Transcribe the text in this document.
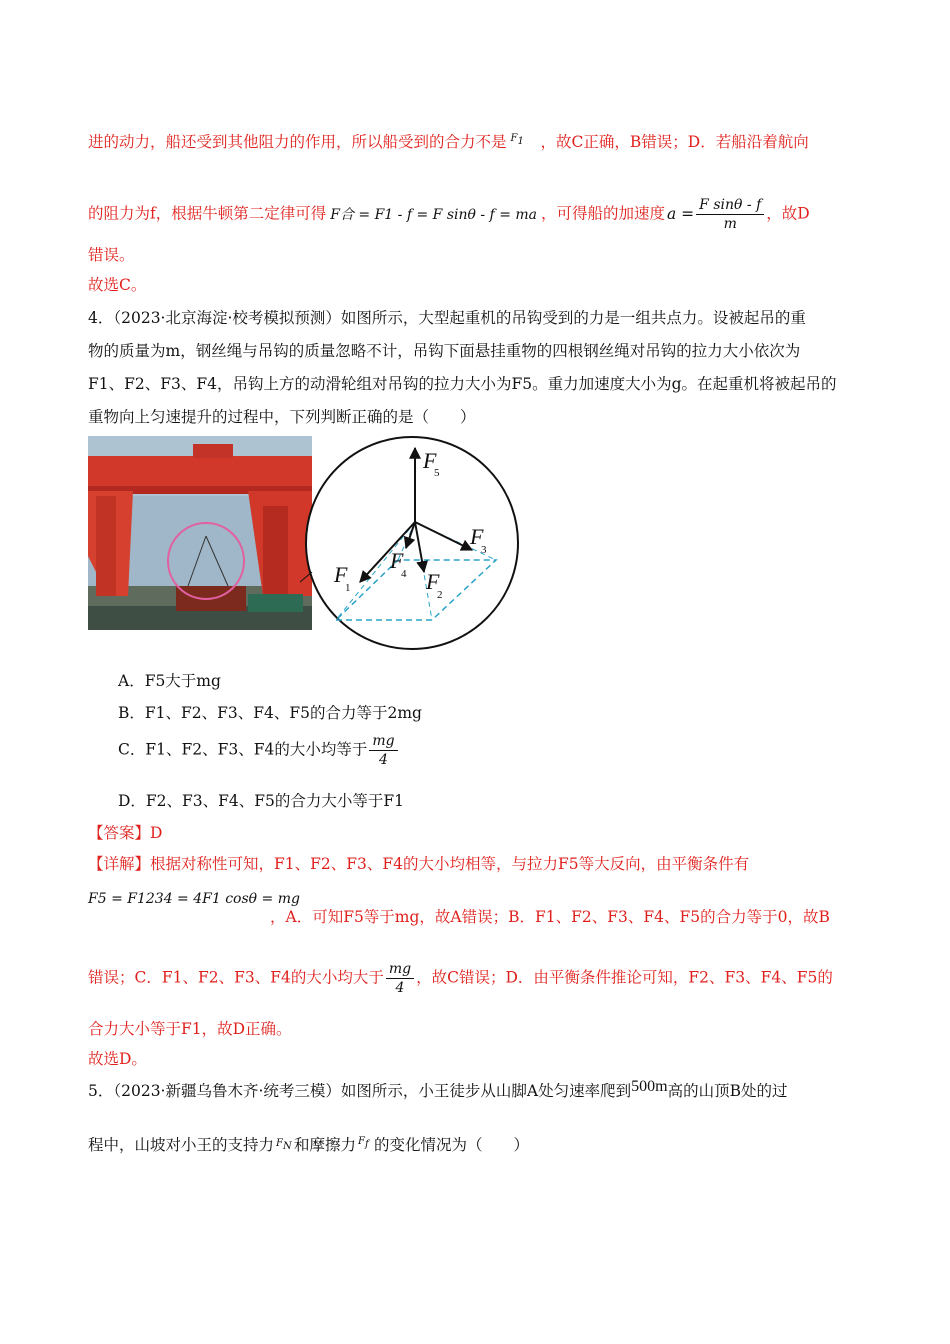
进的动力，船还受到其他阻力的作用，所以船受到的合力不是 $F_1$ ，故C正确，B错误；D．若船沿着航向
的阻力为f，根据牛顿第二定律可得 F合 = F1 - f = F sinθ - f = ma ，可得船的加速度 $a = \frac{\text{F sinθ - f}}{m}$ ，故D
错误。
故选C。
4．（2023·北京海淀·校考模拟预测）如图所示，大型起重机的吊钩受到的力是一组共点力。设被起吊的重
物的质量为m，钢丝绳与吊钩的质量忽略不计，吊钩下面悬挂重物的四根钢丝绳对吊钩的拉力大小依次为
F1、F2、F3、F4，吊钩上方的动滑轮组对吊钩的拉力大小为F5。重力加速度大小为g。在起重机将被起吊的
重物向上匀速提升的过程中，下列判断正确的是（　　）
F
5
F
3
F
4
F
1	F
2
A．F5大于mg
B．F1、F2、F3、F4、F5的合力等于2mg
C．F1、F2、F3、F4的大小均等于 $\frac{mg}{4}$
D．F2、F3、F4、F5的合力大小等于F1
【答案】D
【详解】根据对称性可知，F1、F2、F3、F4的大小均相等，与拉力F5等大反向，由平衡条件有
F5 = F1234 = 4F1 cosθ = mg
，A．可知F5等于mg，故A错误；B．F1、F2、F3、F4、F5的合力等于0，故B
错误；C．F1、F2、F3、F4的大小均大于 $\frac{mg}{4}$ ，故C错误；D．由平衡条件推论可知，F2、F3、F4、F5的
合力大小等于F1，故D正确。
故选D。
5．（2023·新疆乌鲁木齐·统考三模）如图所示，小王徒步从山脚A处匀速率爬到500m高的山顶B处的过
程中，山坡对小王的支持力 $F_N$ 和摩擦力 $F_f$ 的变化情况为（　　）
